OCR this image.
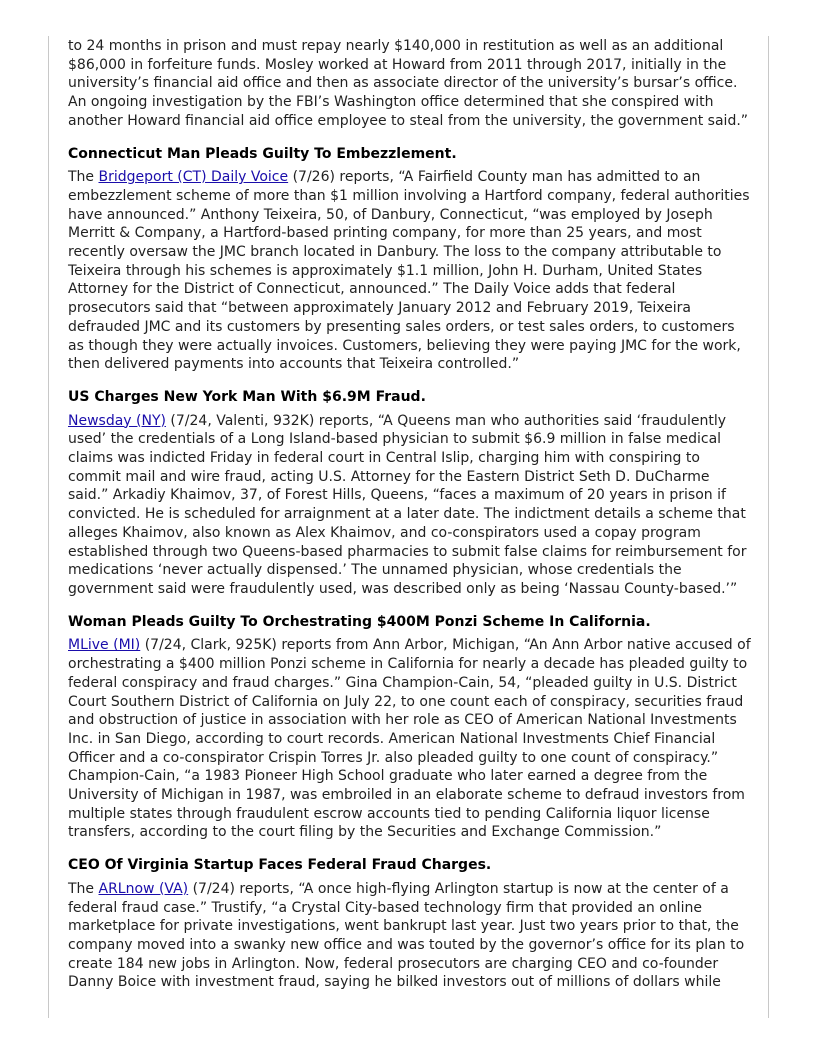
to 24 months in prison and must repay nearly $140,000 in restitution as well as an additional $86,000 in forfeiture funds. Mosley worked at Howard from 2011 through 2017, initially in the university’s financial aid office and then as associate director of the university’s bursar’s office. An ongoing investigation by the FBI’s Washington office determined that she conspired with another Howard financial aid office employee to steal from the university, the government said.”

Connecticut Man Pleads Guilty To Embezzlement.

The Bridgeport (CT) Daily Voice (7/26) reports, “A Fairfield County man has admitted to an embezzlement scheme of more than $1 million involving a Hartford company, federal authorities have announced.” Anthony Teixeira, 50, of Danbury, Connecticut, “was employed by Joseph Merritt & Company, a Hartford-based printing company, for more than 25 years, and most recently oversaw the JMC branch located in Danbury. The loss to the company attributable to Teixeira through his schemes is approximately $1.1 million, John H. Durham, United States Attorney for the District of Connecticut, announced.” The Daily Voice adds that federal prosecutors said that “between approximately January 2012 and February 2019, Teixeira defrauded JMC and its customers by presenting sales orders, or test sales orders, to customers as though they were actually invoices. Customers, believing they were paying JMC for the work, then delivered payments into accounts that Teixeira controlled.”

US Charges New York Man With $6.9M Fraud.

Newsday (NY) (7/24, Valenti, 932K) reports, “A Queens man who authorities said ‘fraudulently used’ the credentials of a Long Island-based physician to submit $6.9 million in false medical claims was indicted Friday in federal court in Central Islip, charging him with conspiring to commit mail and wire fraud, acting U.S. Attorney for the Eastern District Seth D. DuCharme said.” Arkadiy Khaimov, 37, of Forest Hills, Queens, “faces a maximum of 20 years in prison if convicted. He is scheduled for arraignment at a later date. The indictment details a scheme that alleges Khaimov, also known as Alex Khaimov, and co-conspirators used a copay program established through two Queens-based pharmacies to submit false claims for reimbursement for medications ‘never actually dispensed.’ The unnamed physician, whose credentials the government said were fraudulently used, was described only as being ‘Nassau County-based.’”

Woman Pleads Guilty To Orchestrating $400M Ponzi Scheme In California.

MLive (MI) (7/24, Clark, 925K) reports from Ann Arbor, Michigan, “An Ann Arbor native accused of orchestrating a $400 million Ponzi scheme in California for nearly a decade has pleaded guilty to federal conspiracy and fraud charges.” Gina Champion-Cain, 54, “pleaded guilty in U.S. District Court Southern District of California on July 22, to one count each of conspiracy, securities fraud and obstruction of justice in association with her role as CEO of American National Investments Inc. in San Diego, according to court records. American National Investments Chief Financial Officer and a co-conspirator Crispin Torres Jr. also pleaded guilty to one count of conspiracy.” Champion-Cain, “a 1983 Pioneer High School graduate who later earned a degree from the University of Michigan in 1987, was embroiled in an elaborate scheme to defraud investors from multiple states through fraudulent escrow accounts tied to pending California liquor license transfers, according to the court filing by the Securities and Exchange Commission.”

CEO Of Virginia Startup Faces Federal Fraud Charges.

The ARLnow (VA) (7/24) reports, “A once high-flying Arlington startup is now at the center of a federal fraud case.” Trustify, “a Crystal City-based technology firm that provided an online marketplace for private investigations, went bankrupt last year. Just two years prior to that, the company moved into a swanky new office and was touted by the governor’s office for its plan to create 184 new jobs in Arlington. Now, federal prosecutors are charging CEO and co-founder Danny Boice with investment fraud, saying he bilked investors out of millions of dollars while
